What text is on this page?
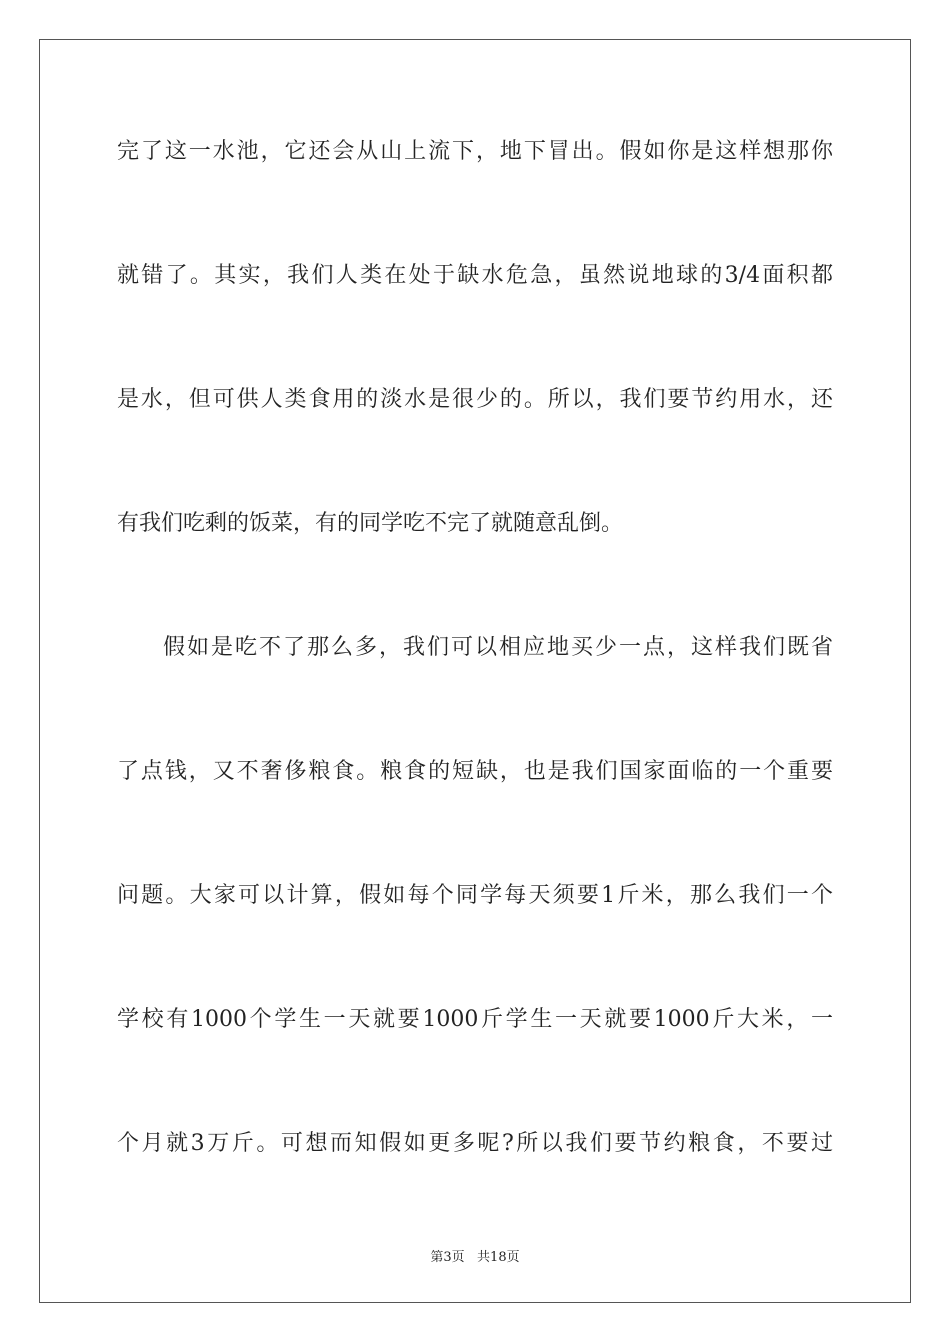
完了这一水池，它还会从山上流下，地下冒出。假如你是这样想那你
就错了。其实，我们人类在处于缺水危急，虽然说地球的3/4面积都
是水，但可供人类食用的淡水是很少的。所以，我们要节约用水，还
有我们吃剩的饭菜，有的同学吃不完了就随意乱倒。
假如是吃不了那么多，我们可以相应地买少一点，这样我们既省
了点钱，又不奢侈粮食。粮食的短缺，也是我们国家面临的一个重要
问题。大家可以计算，假如每个同学每天须要1斤米，那么我们一个
学校有1000个学生一天就要1000斤学生一天就要1000斤大米，一
个月就3万斤。可想而知假如更多呢?所以我们要节约粮食，不要过
第3页   共18页
